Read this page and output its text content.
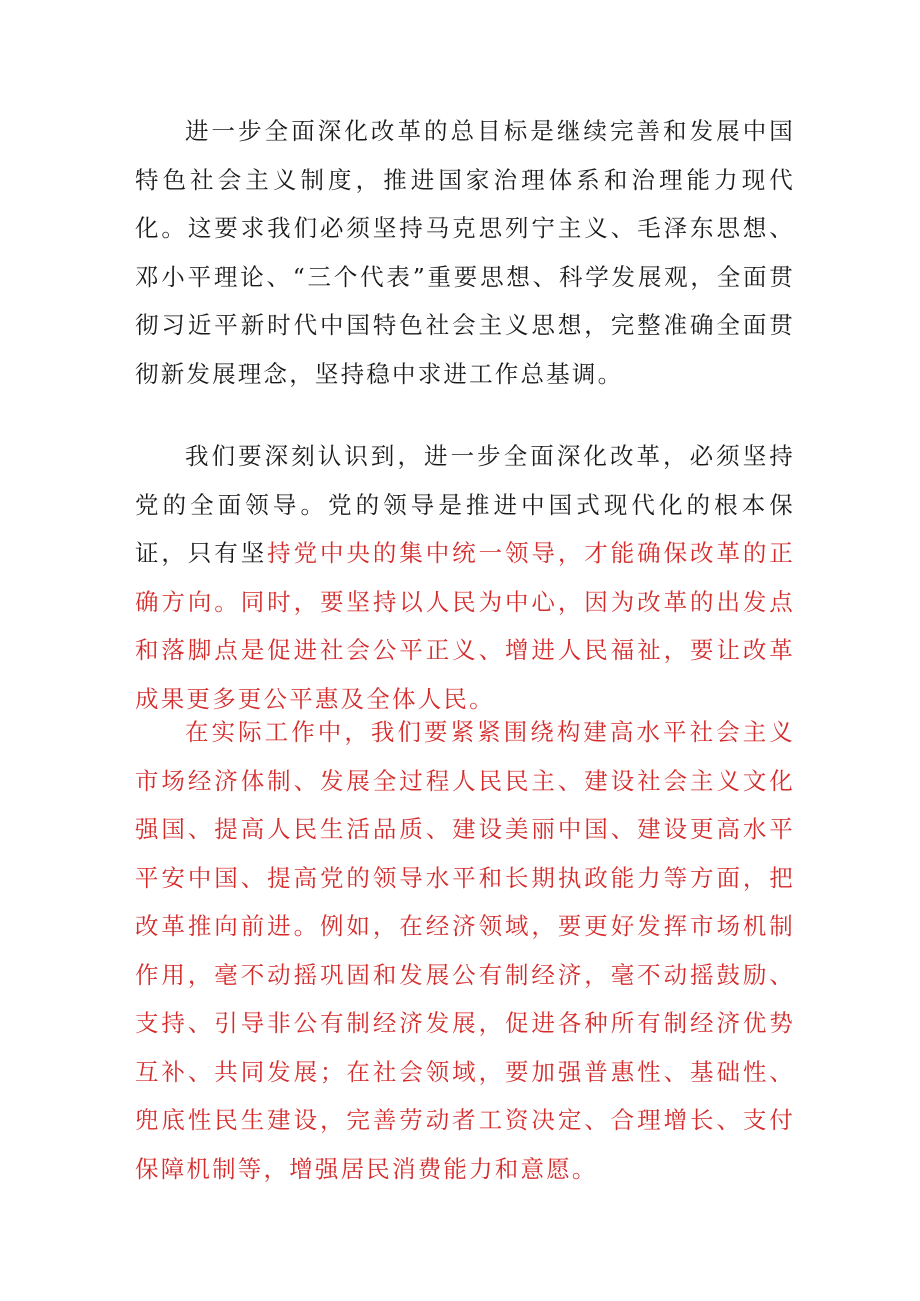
进一步全面深化改革的总目标是继续完善和发展中国特色社会主义制度，推进国家治理体系和治理能力现代化。这要求我们必须坚持马克思列宁主义、毛泽东思想、邓小平理论、“三个代表”重要思想、科学发展观，全面贯彻习近平新时代中国特色社会主义思想，完整准确全面贯彻新发展理念，坚持稳中求进工作总基调。

我们要深刻认识到，进一步全面深化改革，必须坚持党的全面领导。党的领导是推进中国式现代化的根本保证，只有坚持党中央的集中统一领导，才能确保改革的正确方向。同时，要坚持以人民为中心，因为改革的出发点和落脚点是促进社会公平正义、增进人民福祉，要让改革成果更多更公平惠及全体人民。

在实际工作中，我们要紧紧围绕构建高水平社会主义市场经济体制、发展全过程人民民主、建设社会主义文化强国、提高人民生活品质、建设美丽中国、建设更高水平平安中国、提高党的领导水平和长期执政能力等方面，把改革推向前进。例如，在经济领域，要更好发挥市场机制作用，毫不动摇巩固和发展公有制经济，毫不动摇鼓励、支持、引导非公有制经济发展，促进各种所有制经济优势互补、共同发展；在社会领域，要加强普惠性、基础性、兜底性民生建设，完善劳动者工资决定、合理增长、支付保障机制等，增强居民消费能力和意愿。
